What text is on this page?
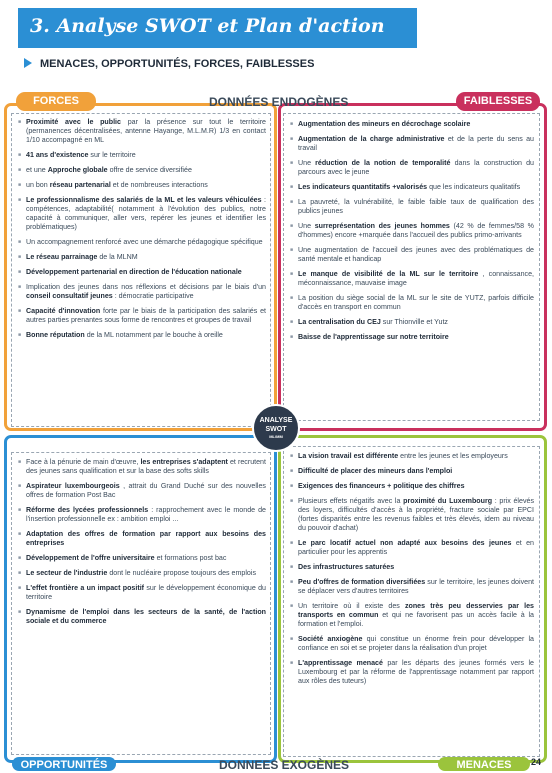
3. Analyse SWOT et Plan d'action
MENACES, OPPORTUNITÉS, FORCES, FAIBLESSES
■ Proximité avec le public par la présence sur tout le territoire (permanences décentralisées, antenne Hayange, M.L.M.R) 1/3 en contact 1/10 accompagné en ML
■ 41 ans d'existence sur le territoire
■ et une Approche globale offre de service diversifiée
■ un bon réseau partenarial et de nombreuses interactions
■ Le professionnalisme des salariés de la ML et les valeurs véhiculées : compétences, adaptabilité( notamment à l'évolution des publics, notre capacité à communiquer, aller vers, repérer les jeunes et identifier les problématiques)
■ Un accompagnement renforcé avec une démarche pédagogique spécifique
■ Le réseau parrainage de la MLNM
■ Développement partenarial en direction de l'éducation nationale
■ Implication des jeunes dans nos réflexions et décisions par le biais d'un conseil consultatif jeunes : démocratie participative
■ Capacité d'innovation forte par le biais de la participation des salariés et autres parties prenantes sous forme de rencontres et groupes de travail
■ Bonne réputation de la ML notamment par le bouche à oreille
■ Augmentation des mineurs en décrochage scolaire
■ Augmentation de la charge administrative et de la perte du sens au travail
■ Une réduction de la notion de temporalité dans la construction du parcours avec le jeune
■ Les indicateurs quantitatifs +valorisés que les indicateurs qualitatifs
■ La pauvreté, la vulnérabilité, le faible faible taux de qualification des publics jeunes
■ Une surreprésentation des jeunes hommes (42 % de femmes/58 % d'hommes) encore +marquée dans l'accueil des publics primo-arrivants
■ Une augmentation de l'accueil des jeunes avec des problématiques de santé mentale et handicap
■ Le manque de visibilité de la ML sur le territoire , connaissance, méconnaissance, mauvaise image
■ La position du siège social de la ML sur le site de YUTZ, parfois difficile d'accès en transport en commun
■ La centralisation du CEJ sur Thionville et Yutz
■ Baisse de l'apprentissage sur notre territoire
■ Face à la pénurie de main d'œuvre, les entreprises s'adaptent et recrutent des jeunes sans qualification et sur la base des softs skills
■ Aspirateur luxembourgeois , attrait du Grand Duché sur des nouvelles offres de formation Post Bac
■ Réforme des lycées professionnels : rapprochement avec le monde de l'insertion professionnelle ex : ambition emploi ...
■ Adaptation des offres de formation par rapport aux besoins des entreprises
■ Développement de l'offre universitaire et formations post bac
■ Le secteur de l'industrie dont le nucléaire propose toujours des emplois
■ L'effet frontière a un impact positif sur le développement économique du territoire
■ Dynamisme de l'emploi dans les secteurs de la santé, de l'action sociale et du commerce
■ La vision travail est différente entre les jeunes et les employeurs
■ Difficulté de placer des mineurs dans l'emploi
■ Exigences des financeurs + politique des chiffres
■ Plusieurs effets négatifs avec la proximité du Luxembourg : prix élevés des loyers, difficultés d'accès à la propriété, fracture sociale par EPCI (fortes disparités entre les revenus faibles et très élevés, idem au niveau du pouvoir d'achat)
■ Le parc locatif actuel non adapté aux besoins des jeunes et en particulier pour les apprentis
■ Des infrastructures saturées
■ Peu d'offres de formation diversifiées sur le territoire, les jeunes doivent se déplacer vers d'autres territoires
■ Un territoire où il existe des zones très peu desservies par les transports en commun et qui ne favorisent pas un accès facile à la formation et l'emploi.
■ Société anxiogène qui constitue un énorme frein pour développer la confiance en soi et se projeter dans la réalisation d'un projet
■ L'apprentissage menacé par les départs des jeunes formés vers le Luxembourg et par la réforme de l'apprentissage notamment par rapport aux rôles des tuteurs)
FORCES	FAIBLESSES
OPPORTUNITÉS	MENACES
DONNÉES ENDOGÈNES
DONNEES EXOGÈNES
ANALYSE
SWOT
ML/MM
24
